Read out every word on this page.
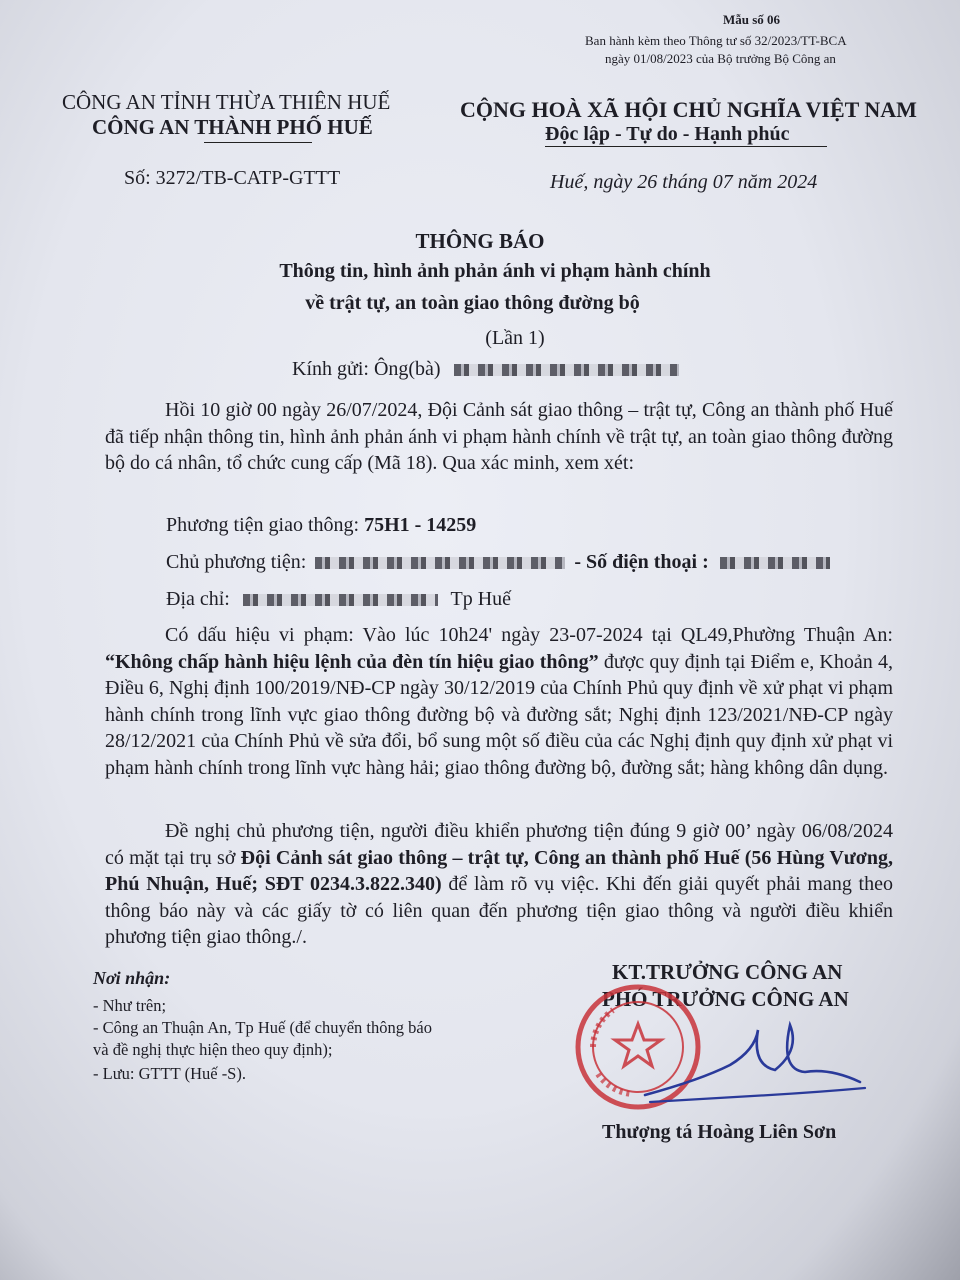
Mẫu số 06
Ban hành kèm theo Thông tư số 32/2023/TT-BCA
ngày 01/08/2023 của Bộ trưởng Bộ Công an
CÔNG AN TỈNH THỪA THIÊN HUẾ
CÔNG AN THÀNH PHỐ HUẾ
CỘNG HOÀ XÃ HỘI CHỦ NGHĨA VIỆT NAM
Độc lập - Tự do - Hạnh phúc
Số: 3272/TB-CATP-GTTT	Huế, ngày 26 tháng 07 năm 2024
THÔNG BÁO
Thông tin, hình ảnh phản ánh vi phạm hành chính
về trật tự, an toàn giao thông đường bộ
(Lần 1)
Kính gửi: Ông(bà)
Hồi 10 giờ 00 ngày 26/07/2024, Đội Cảnh sát giao thông – trật tự, Công an thành phố Huế đã tiếp nhận thông tin, hình ảnh phản ánh vi phạm hành chính về trật tự, an toàn giao thông đường bộ do cá nhân, tổ chức cung cấp (Mã 18). Qua xác minh, xem xét:
Phương tiện giao thông: 75H1 - 14259
Chủ phương tiện:	- Số điện thoại :
Địa chỉ:	Tp Huế
Có dấu hiệu vi phạm: Vào lúc 10h24' ngày 23-07-2024 tại QL49,Phường Thuận An: “Không chấp hành hiệu lệnh của đèn tín hiệu giao thông” được quy định tại Điểm e, Khoản 4, Điều 6, Nghị định 100/2019/NĐ-CP ngày 30/12/2019 của Chính Phủ quy định về xử phạt vi phạm hành chính trong lĩnh vực giao thông đường bộ và đường sắt; Nghị định 123/2021/NĐ-CP ngày 28/12/2021 của Chính Phủ về sửa đổi, bổ sung một số điều của các Nghị định quy định xử phạt vi phạm hành chính trong lĩnh vực hàng hải; giao thông đường bộ, đường sắt; hàng không dân dụng.
Đề nghị chủ phương tiện, người điều khiển phương tiện đúng 9 giờ 00’ ngày 06/08/2024 có mặt tại trụ sở Đội Cảnh sát giao thông – trật tự, Công an thành phố Huế (56 Hùng Vương, Phú Nhuận, Huế; SĐT 0234.3.822.340) để làm rõ vụ việc. Khi đến giải quyết phải mang theo thông báo này và các giấy tờ có liên quan đến phương tiện giao thông và người điều khiển phương tiện giao thông./.
Nơi nhận:
- Như trên;
- Công an Thuận An, Tp Huế (để chuyển thông báo
và đề nghị thực hiện theo quy định);
- Lưu: GTTT (Huế -S).
KT.TRƯỞNG CÔNG AN
PHÓ TRƯỞNG CÔNG AN
Thượng tá Hoàng Liên Sơn
